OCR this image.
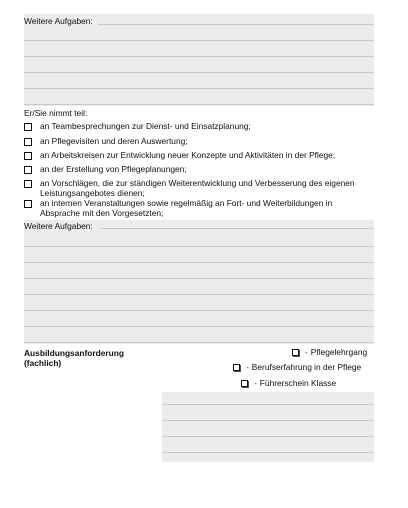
Weitere Aufgaben:
Er/Sie nimmt teil:
an Teambesprechungen zur Dienst- und Einsatzplanung;
an Pflegevisiten und deren Auswertung;
an Arbeitskreisen zur Entwicklung neuer Konzepte und Aktivitäten in der Pflege;
an der Erstellung von Pflegeplanungen;
an Vorschlägen, die zur ständigen Weiterentwicklung und Verbesserung des eigenen Leistungsangebotes dienen;
an internen Veranstaltungen sowie regelmäßig an Fort- und Weiterbildungen in Absprache mit den Vorgesetzten;
Weitere Aufgaben:
Ausbildungsanforderung
(fachlich)
- Pflegelehrgang
- Berufserfahrung in der Pflege
- Führerschein Klasse
